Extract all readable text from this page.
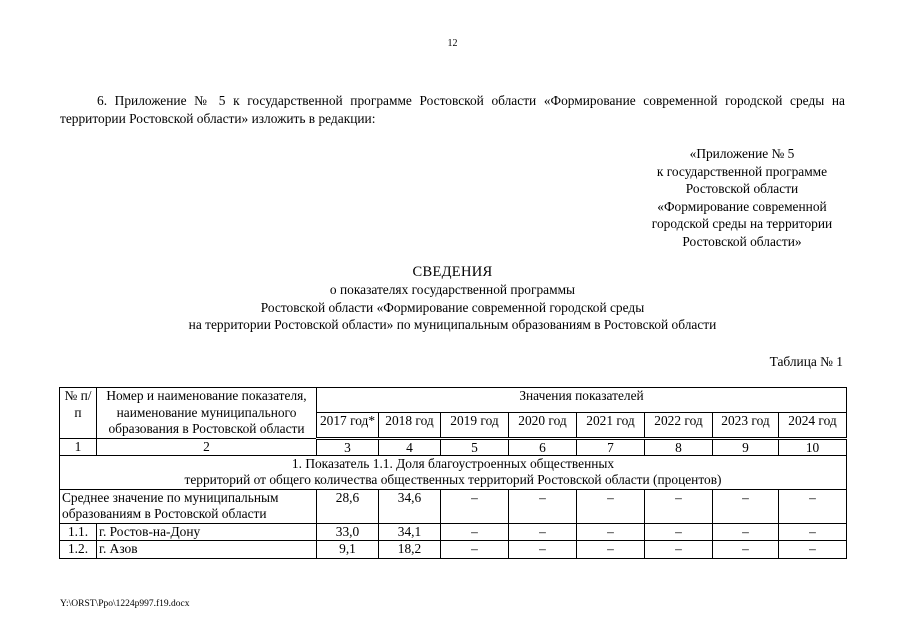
12

6. Приложение № 5 к государственной программе Ростовской области «Формирование современной городской среды на территории Ростовской области» изложить в редакции:

«Приложение № 5
к государственной программе
Ростовской области
«Формирование современной
городской среды на территории
Ростовской области»
СВЕДЕНИЯ
о показателях государственной программы
Ростовской области «Формирование современной городской среды
на территории Ростовской области» по муниципальным образованиям в Ростовской области
Таблица № 1
№ п/п	Номер и наименование показателя, наименование муниципального образования в Ростовской области	Значения показателей							
		2017 год*	2018 год	2019 год	2020 год	2021 год	2022 год	2023 год	2024 год
1	2	3	4	5	6	7	8	9	10

1. Показатель 1.1. Доля благоустроенных общественных
территорий от общего количества общественных территорий Ростовской области (процентов)									

Среднее значение по муниципальным образованиям в Ростовской области		28,6	34,6	–	–	–	–	–	–
1.1.	г. Ростов-на-Дону	33,0	34,1	–	–	–	–	–	–
1.2.	г. Азов	9,1	18,2	–	–	–	–	–	–
Y:\ORST\Ppo\1224p997.f19.docx
